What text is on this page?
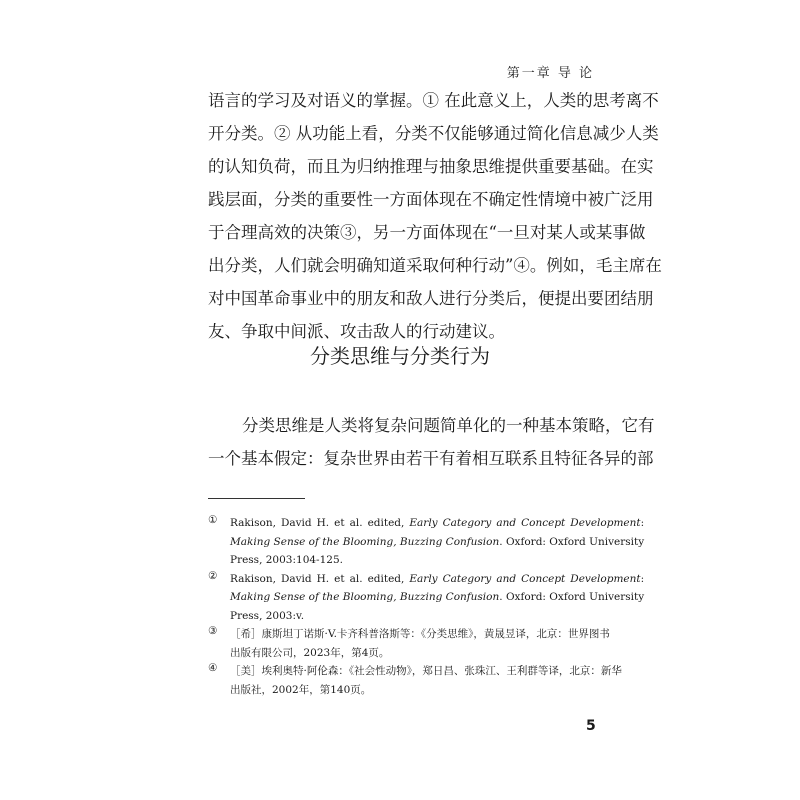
第一章 导 论
语言的学习及对语义的掌握。① 在此意义上，人类的思考离不
开分类。② 从功能上看，分类不仅能够通过简化信息减少人类
的认知负荷，而且为归纳推理与抽象思维提供重要基础。在实
践层面，分类的重要性一方面体现在不确定性情境中被广泛用
于合理高效的决策③，另一方面体现在“一旦对某人或某事做
出分类，人们就会明确知道采取何种行动”④。例如，毛主席在
对中国革命事业中的朋友和敌人进行分类后，便提出要团结朋
友、争取中间派、攻击敌人的行动建议。
分类思维与分类行为
分类思维是人类将复杂问题简单化的一种基本策略，它有
一个基本假定：复杂世界由若干有着相互联系且特征各异的部
①	Rakison, David H. et al. edited, Early Category and Concept Development:
Making Sense of the Blooming, Buzzing Confusion. Oxford: Oxford University
Press, 2003:104-125.
②	Rakison, David H. et al. edited, Early Category and Concept Development:
Making Sense of the Blooming, Buzzing Confusion. Oxford: Oxford University
Press, 2003:v.
③	［希］康斯坦丁诺斯·V.卡齐科普洛斯等：《分类思维》，黄晟昱译，北京：世界图书
出版有限公司，2023年，第4页。
④	［美］埃利奥特·阿伦森：《社会性动物》，郑日昌、张珠江、王利群等译，北京：新华
出版社，2002年，第140页。
5
